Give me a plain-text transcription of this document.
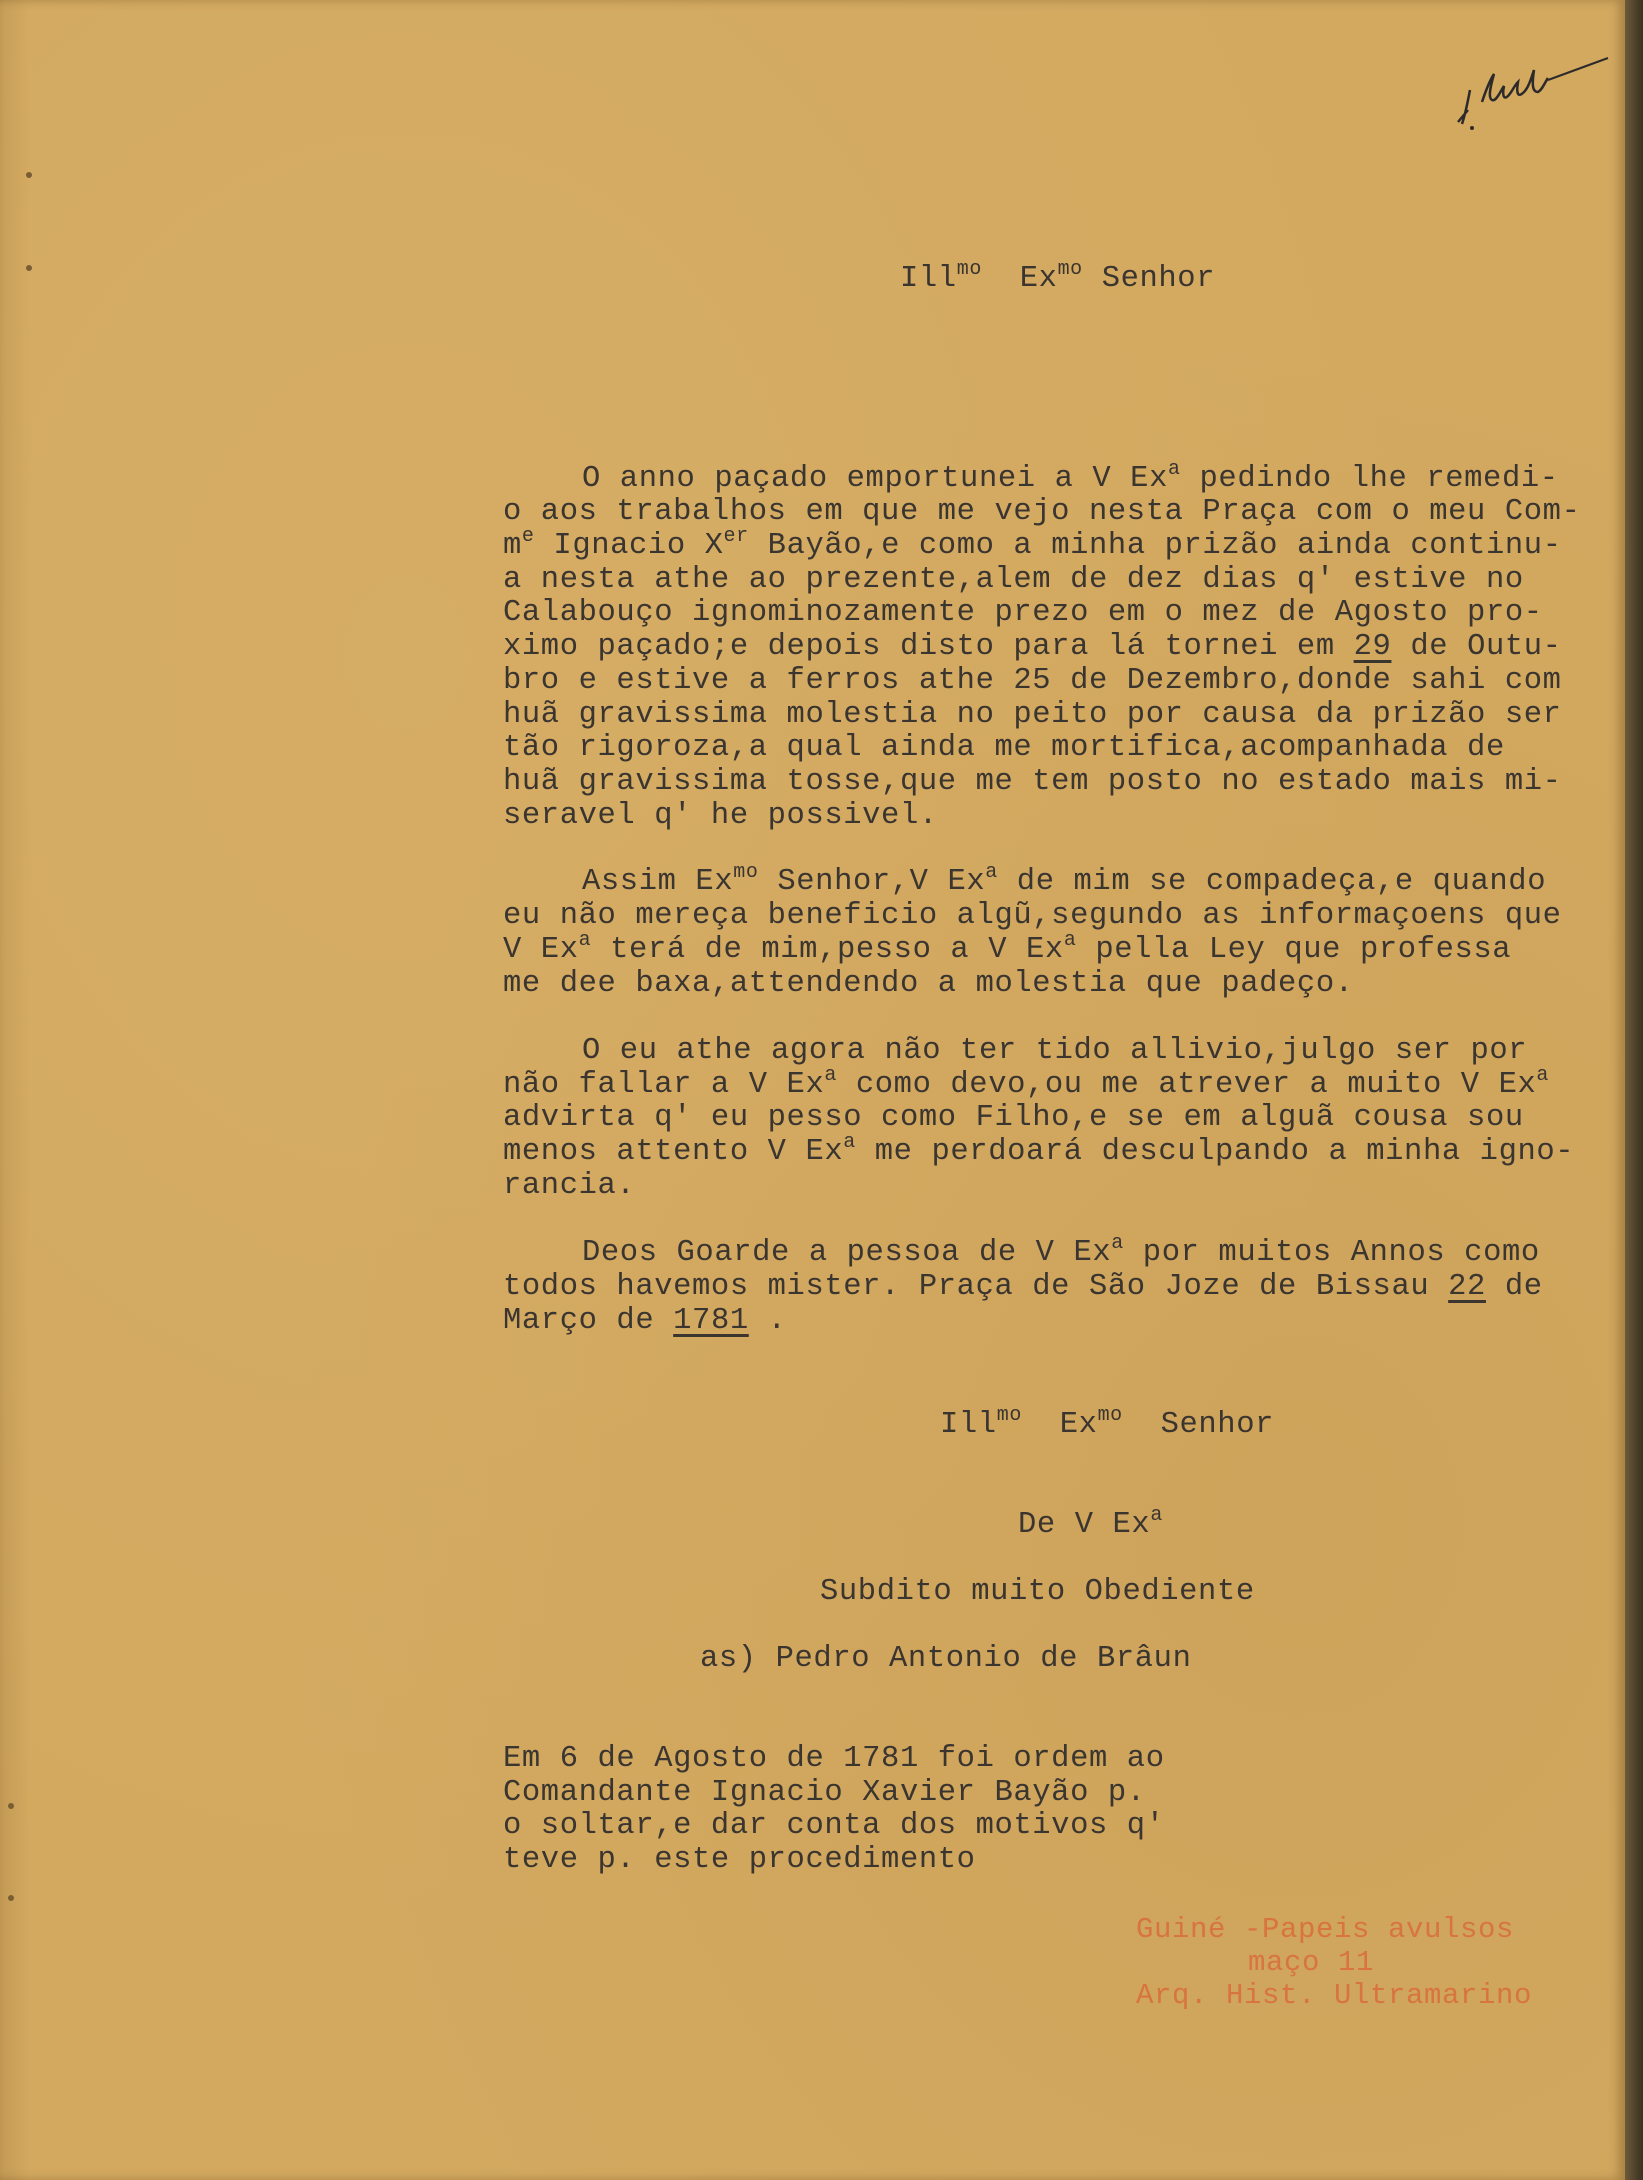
Ill$^{mo}$ $Ex^{mo}$ Senhor
O anno paçado emportunei a V Ex$^a$ pedindo lhe remedi-
o aos trabalhos em que me vejo nesta Praça com o meu Com-
$m^e$ Ignacio Xer Bayão,e como a minha prizão ainda continu-
a nesta athe ao prezente,alem de dez dias q' estive no
Calabouço ignominozamente prezo em o mez de Agosto pro-
ximo paçado;e depois disto para lá tornei em 29 de Outu-
bro e estive a ferros athe 25 de Dezembro,donde sahi com
huã gravissima molestia no peito por causa da prizão ser
tão rigoroza,a qual ainda me mortifica,acompanhada de
huã gravissima tosse,que me tem posto no estado mais mi-
seravel q' he possivel.
Assim $Ex^{mo}$ Senhor,V Ex$^a$ de mim se compadeça,e quando
eu não mereça beneficio algũ,segundo as informaçoens que
V Ex$^a$ terá de mim,pesso a V Ex$^a$ pella Ley que professa
me dee baxa,attendendo a molestia que padeço.
O eu athe agora não ter tido allivio,julgo ser por
não fallar a V Ex$^a$ como devo,ou me atrever a muito V Ex$^a$
advirta q' eu pesso como Filho,e se em alguã cousa sou
menos attento V Ex$^a$ me perdoará desculpando a minha igno-
rancia.
Deos Goarde a pessoa de V Ex$^a$ por muitos Annos como
todos havemos mister. Praça de São Joze de Bissau 22 de
Março de 1781 .
Ill$^{mo}$ $Ex^{mo}$ Senhor
De V Ex$^a$
Subdito muito Obediente
as) Pedro Antonio de Brâun
Em 6 de Agosto de 1781 foi ordem ao
Comandante Ignacio Xavier Bayão p.
o soltar,e dar conta dos motivos q'
teve p. este procedimento
Guiné -Papeis avulsos
maço 11
Arq. Hist. Ultramarino
